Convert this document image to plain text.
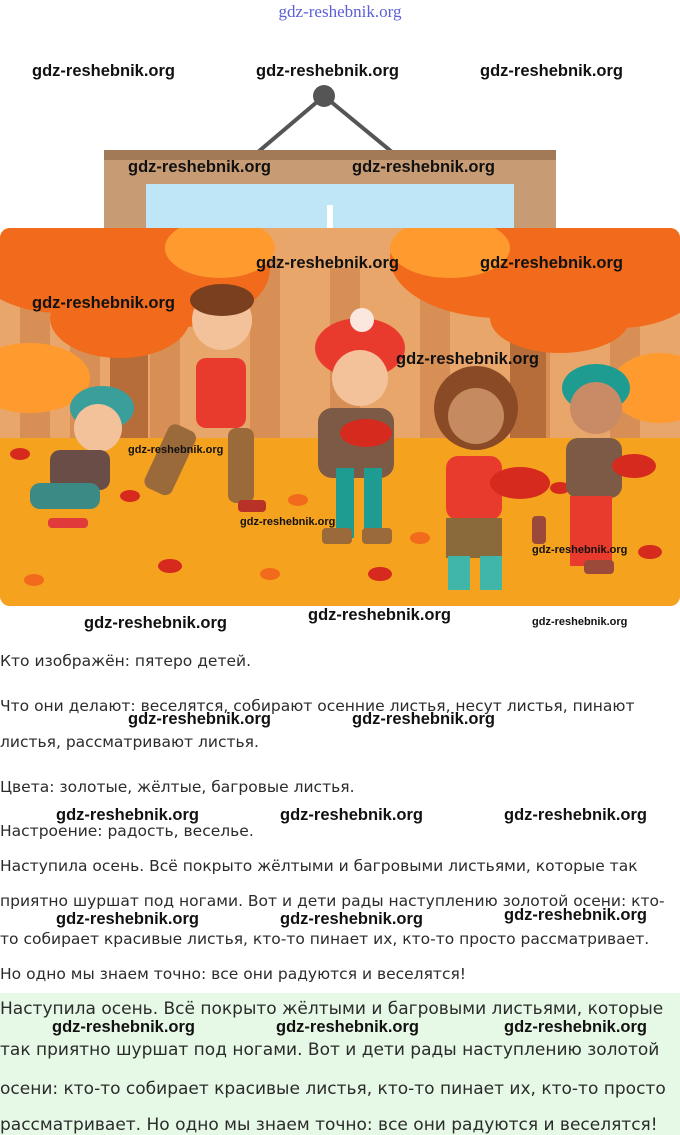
gdz-reshebnik.org
gdz-reshebnik.org	gdz-reshebnik.org	gdz-reshebnik.org
gdz-reshebnik.org	gdz-reshebnik.org
gdz-reshebnik.org	gdz-reshebnik.org
gdz-reshebnik.org
gdz-reshebnik.org
gdz-reshebnik.org
gdz-reshebnik.org
gdz-reshebnik.org
gdz-reshebnik.org	gdz-reshebnik.org	gdz-reshebnik.org

Кто изображён: пятеро детей.

Что они делают: веселятся, собирают осенние листья, несут листья, пинают

листья, рассматривают листья.

Цвета: золотые, жёлтые, багровые листья.

Настроение: радость, веселье.

Наступила осень. Всё покрыто жёлтыми и багровыми листьями, которые так

приятно шуршат под ногами. Вот и дети рады наступлению золотой осени: кто-

то собирает красивые листья, кто-то пинает их, кто-то просто рассматривает.

Но одно мы знаем точно: все они радуются и веселятся!

gdz-reshebnik.org	gdz-reshebnik.org
gdz-reshebnik.org	gdz-reshebnik.org	gdz-reshebnik.org
gdz-reshebnik.org	gdz-reshebnik.org	gdz-reshebnik.org
Наступила осень. Всё покрыто жёлтыми и багровыми листьями, которые
так приятно шуршат под ногами. Вот и дети рады наступлению золотой
осени: кто-то собирает красивые листья, кто-то пинает их, кто-то просто
рассматривает. Но одно мы знаем точно: все они радуются и веселятся!
gdz-reshebnik.org	gdz-reshebnik.org	gdz-reshebnik.org
